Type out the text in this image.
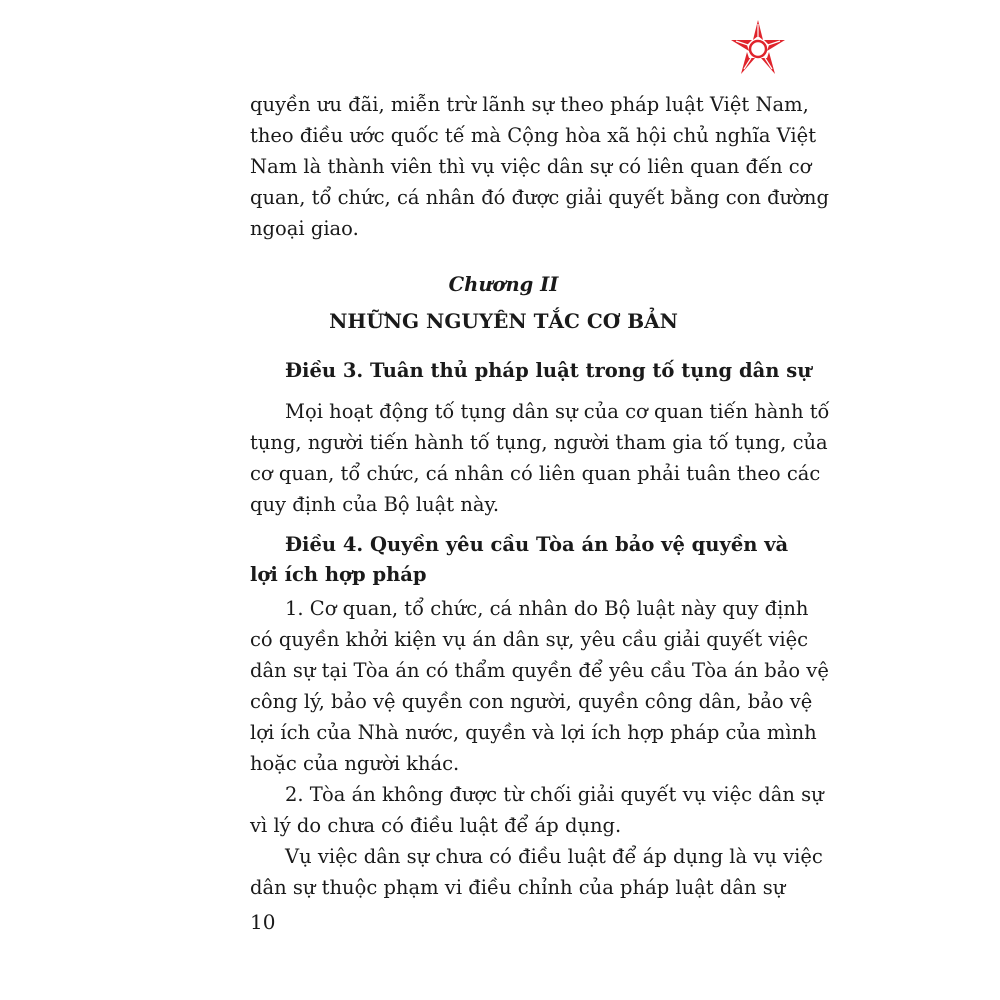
quyền ưu đãi, miễn trừ lãnh sự theo pháp luật Việt Nam,
theo điều ước quốc tế mà Cộng hòa xã hội chủ nghĩa Việt
Nam là thành viên thì vụ việc dân sự có liên quan đến cơ
quan, tổ chức, cá nhân đó được giải quyết bằng con đường
ngoại giao.
Chương II
NHỮNG NGUYÊN TẮC CƠ BẢN
Điều 3. Tuân thủ pháp luật trong tố tụng dân sự
Mọi hoạt động tố tụng dân sự của cơ quan tiến hành tố
tụng, người tiến hành tố tụng, người tham gia tố tụng, của
cơ quan, tổ chức, cá nhân có liên quan phải tuân theo các
quy định của Bộ luật này.
Điều 4. Quyền yêu cầu Tòa án bảo vệ quyền và
lợi ích hợp pháp
1. Cơ quan, tổ chức, cá nhân do Bộ luật này quy định
có quyền khởi kiện vụ án dân sự, yêu cầu giải quyết việc
dân sự tại Tòa án có thẩm quyền để yêu cầu Tòa án bảo vệ
công lý, bảo vệ quyền con người, quyền công dân, bảo vệ
lợi ích của Nhà nước, quyền và lợi ích hợp pháp của mình
hoặc của người khác.
2. Tòa án không được từ chối giải quyết vụ việc dân sự
vì lý do chưa có điều luật để áp dụng.
Vụ việc dân sự chưa có điều luật để áp dụng là vụ việc
dân sự thuộc phạm vi điều chỉnh của pháp luật dân sự
10
